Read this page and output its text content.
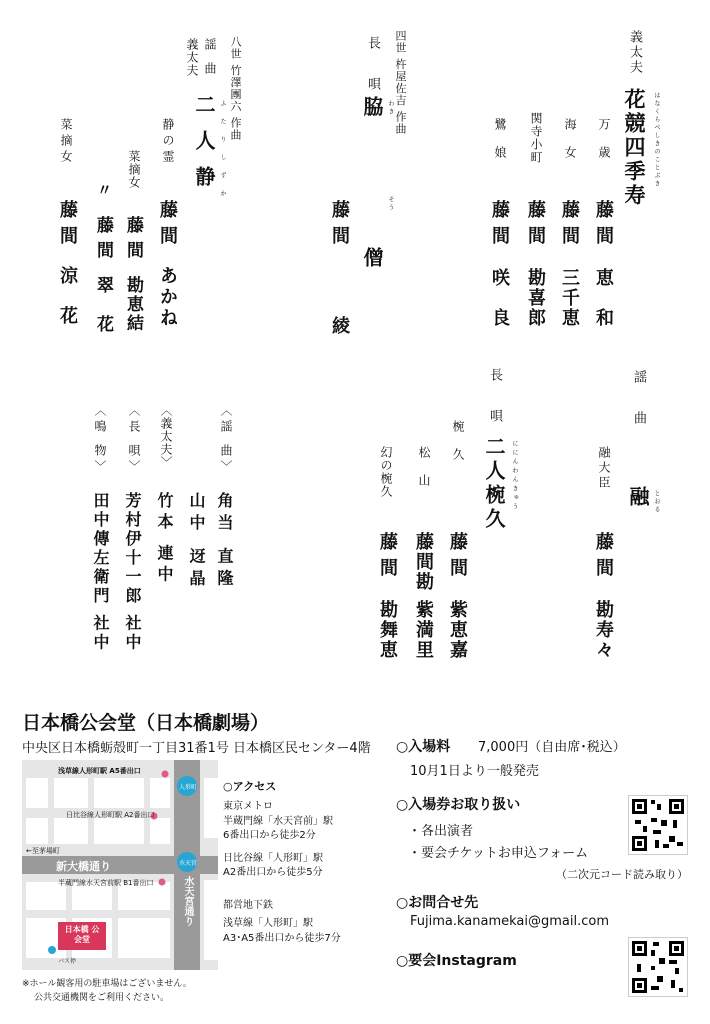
義太夫
花競四季寿 はなくらべしきのことぶき
万 歳
藤間
恵 和
海 女
藤間
三千恵
関寺小町
藤間
勘喜郎
鷺 娘
藤間
咲 良
四世 杵屋佐吉 作曲
長 唄
脇 僧 わき
そう
藤間
綾
八世 竹澤團六 作曲
謡 曲
義太夫
二人静 ふたりしずか
静の霊
藤間
あかね
菜摘女
藤間
勘恵結
〃
藤間
翠 花
菜摘女
藤間
涼 花
謡 曲
融 とおる
融大臣
藤間
勘寿々
長 唄
二人椀久 ににんわんきゅう
椀 久
藤間
紫恵嘉
松 山
藤間勘
紫満里
幻の椀久
藤間
勘舞恵
〈謡 曲〉
角当 直隆
山中 迓晶
〈義太夫〉
竹本 連中
〈長 唄〉
芳村伊十一郎 社中
〈鳴 物〉
田中傳左衛門 社中
日本橋公会堂（日本橋劇場）
中央区日本橋蛎殻町一丁目31番1号 日本橋区民センター4階
浅草線人形町駅 A5番出口
日比谷線人形町駅 A2番出口
←至茅場町
新大橋通り
半蔵門線水天宮前駅 B1番出口	水天宮通り
人形町
水天宮
日本橋 公会堂
バス停
※ホール観客用の駐車場はございません。
公共交通機関をご利用ください。
○アクセス
東京メトロ
半蔵門線「水天宮前」駅
6番出口から徒歩2分
日比谷線「人形町」駅
A2番出口から徒歩5分
都営地下鉄
浅草線「人形町」駅
A3･A5番出口から徒歩7分
○入場料 7,000円（自由席･税込）
10月1日より一般発売
○入場券お取り扱い
・各出演者
・要会チケットお申込フォーム
（二次元コード読み取り）
○お問合せ先
Fujima.kanamekai@gmail.com
○要会Instagram
